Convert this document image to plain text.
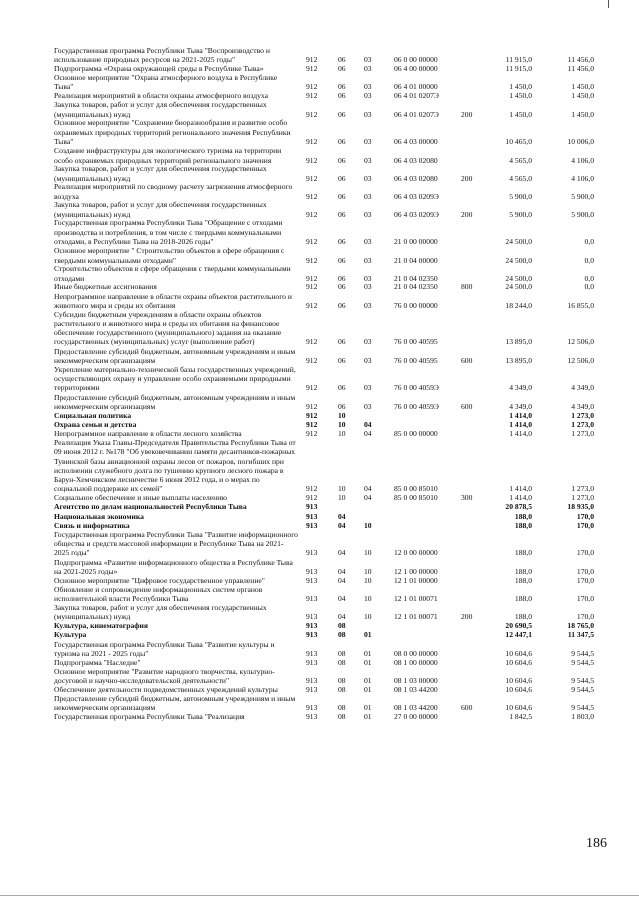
Государственная программа Республики Тыва "Воспроизводство и использование природных ресурсов на 2021-2025 годы"	912	06 03	06 0 00 00000	11 915,0	11 456,0
Подпрограмма «Охрана окружающей среды в Республике Тыва»	912	06 03	06 4 00 00000	11 915,0	11 456,0
Основное мероприятие "Охрана атмосферного воздуха в Республике Тыва"	912	06 03	06 4 01 00000	1 450,0	1 450,0
Реализация мероприятий в области охраны атмосферного воздуха	912	06 03	06 4 01 0207Э	1 450,0	1 450,0
Закупка товаров, работ и услуг для обеспечения государственных (муниципальных) нужд	912	06 03	06 4 01 0207Э	200	1 450,0	1 450,0
Основное мероприятие "Сохранение биоразнообразия и развитие особо охраняемых природных территорий регионального значения Республики Тыва"	912	06 03	06 4 03 00000	10 465,0	10 006,0
Создание инфраструктуры для экологического туризма на территории особо охраняемых природных территорий регионального значения	912	06 03	06 4 03 02080	4 565,0	4 106,0
Закупка товаров, работ и услуг для обеспечения государственных (муниципальных) нужд	912	06 03	06 4 03 02080	200	4 565,0	4 106,0
Реализация мероприятий по сводному расчету загрязнения атмосферного воздуха	912	06 03	06 4 03 0209Э	5 900,0	5 900,0
Закупка товаров, работ и услуг для обеспечения государственных (муниципальных) нужд	912	06 03	06 4 03 0209Э	200	5 900,0	5 900,0
Государственная программа Республики Тыва "Обращение с отходами производства и потребления, в том числе с твердыми коммунальными отходами, в Республике Тыва на 2018-2026 годы"	912	06 03	21 0 00 00000	24 500,0	0,0
Основное мероприятие " Строительство объектов в сфере обращения с твердыми коммунальными отходами"	912	06 03	21 0 04 00000	24 500,0	0,0
Строительство объектов в сфере обращения с твердыми коммунальными отходами	912	06 03	21 0 04 02350	24 500,0	0,0
Иные бюджетные ассигнования	912	06 03	21 0 04 02350	800	24 500,0	0,0
Непрограммное направление в области охраны объектов растительного и животного мира и среды их обитания	912	06 03	76 0 00 00000	18 244,0	16 855,0
Субсидии бюджетным учреждениям в области охраны объектов растительного и животного мира и среды их обитания на финансовое обеспечение государственного (муниципального) задания на оказание государственных (муниципальных) услуг (выполнение работ)	912	06 03	76 0 00 40595	13 895,0	12 506,0
Предоставление субсидий бюджетным, автономным учреждениям и иным некоммерческим организациям	912	06 03	76 0 00 40595	600	13 895,0	12 506,0
Укрепление материально-технической базы государственных учреждений, осуществляющих охрану и управление особо охраняемыми природными территориями	912	06 03	76 0 00 4059Э	4 349,0	4 349,0
Предоставление субсидий бюджетным, автономным учреждениям и иным некоммерческим организациям	912	06 03	76 0 00 4059Э	600	4 349,0	4 349,0
Социальная политика	912	10	1 414,0	1 273,0
Охрана семьи и детства	912	10 04	1 414,0	1 273,0
Непрограммное направление в области лесного хозяйства	912	10 04	85 0 00 00000	1 414,0	1 273,0
Реализация Указа Главы-Председателя Правительства Республики Тыва от 09 июня 2012 г. №178 "Об увековечивании памяти десантников-пожарных Тувинской базы авиационной охраны лесов от пожаров, погибших при исполнении служебного долга по тушению крупного лесного пожара в Барун-Хемчикском лесничестве 6 июня 2012 года, и о мерах по социальной поддержке их семей"	912	10 04	85 0 00 85010	1 414,0	1 273,0
Социальное обеспечение и иные выплаты населению	912	10 04	85 0 00 85010	300	1 414,0	1 273,0
Агентство по делам национальностей Республики Тыва	913	20 878,5	18 935,0
Национальная экономика	913	04	188,0	170,0
Связь и информатика	913	04 10	188,0	170,0
Государственная программа Республики Тыва "Развитие информационного общества и средств массовой информации в Республике Тыва на 2021-2025 годы"	913	04 10	12 0 00 00000	188,0	170,0
Подпрограмма «Развитие информационного общества в Республике Тыва на 2021-2025 годы»	913	04 10	12 1 00 00000	188,0	170,0
Основное мероприятие "Цифровое государственное управление"	913	04 10	12 1 01 00000	188,0	170,0
Обновление и сопровождение информационных систем органов исполнительной власти Республики Тыва	913	04 10	12 1 01 00071	188,0	170,0
Закупка товаров, работ и услуг для обеспечения государственных (муниципальных) нужд	913	04 10	12 1 01 00071	200	188,0	170,0
Культура, кинематография	913	08	20 690,5	18 765,0
Культура	913	08 01	12 447,1	11 347,5
Государственная программа Республики Тыва "Развитие культуры и туризма на 2021 - 2025 годы"	913	08 01	08 0 00 00000	10 604,6	9 544,5
Подпрограмма "Наследие"	913	08 01	08 1 00 00000	10 604,6	9 544,5
Основное мероприятие "Развитие народного творчества, культурно-досуговой и научно-исследовательской деятельности"	913	08 01	08 1 03 00000	10 604,6	9 544,5
Обеспечение деятельности подведомственных учреждений культуры	913	08 01	08 1 03 44200	10 604,6	9 544,5
Предоставление субсидий бюджетным, автономным учреждениям и иным некоммерческим организациям	913	08 01	08 1 03 44200	600	10 604,6	9 544,5
Государственная программа Республики Тыва "Реализация	913	08 01	27 0 00 00000	1 842,5	1 803,0
186
